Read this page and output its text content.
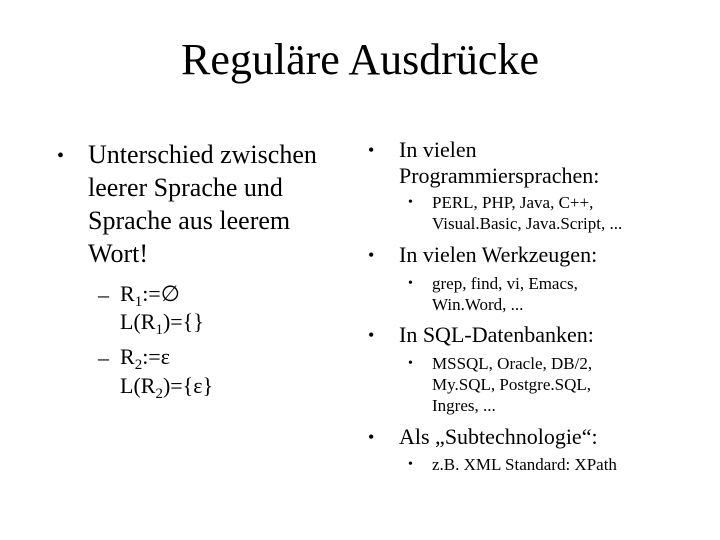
Reguläre Ausdrücke
• Unterschied zwischen
leerer Sprache und
Sprache aus leerem
Wort!
– $R_1:=\emptyset$
$L(R_1)=\{\}$
– $R_2:=\varepsilon$
$L(R_2)=\{\varepsilon\}$
• In vielen
Programmiersprachen:
• PERL, PHP, Java, C++,
Visual.Basic, Java.Script, ...
• In vielen Werkzeugen:
• grep, find, vi, Emacs,
Win.Word, ...
• In SQL-Datenbanken:
• MSSQL, Oracle, DB/2,
My.SQL, Postgre.SQL,
Ingres, ...
• Als „Subtechnologie“:
• z.B. XML Standard: XPath
